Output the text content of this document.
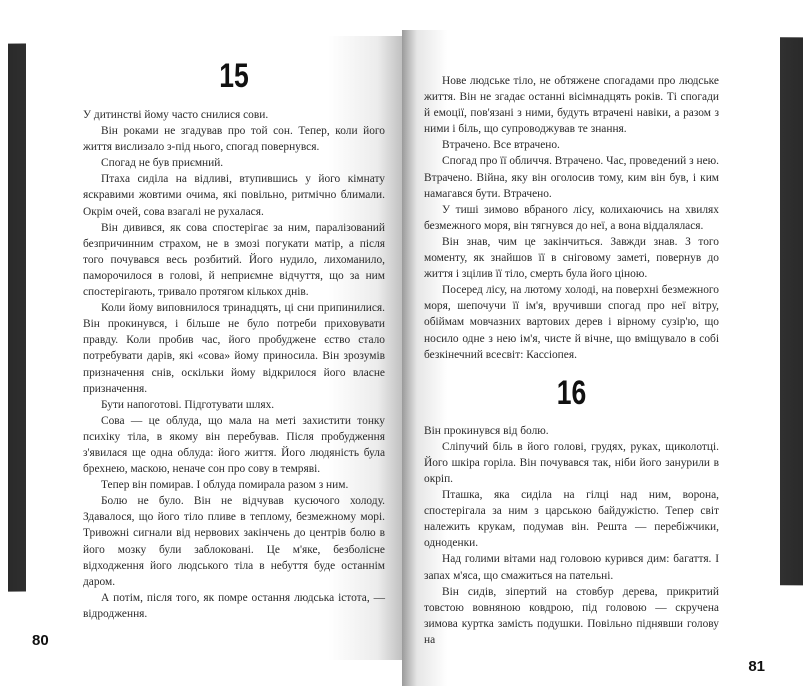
15

У дитинстві йому часто снилися сови.

Він роками не згадував про той сон. Тепер, коли його життя вислизало з-під нього, спогад повернувся.

Спогад не був приємний.

Птаха сиділа на відливі, втупившись у його кімнату яскравими жовтими очима, які повільно, ритмічно блимали. Окрім очей, сова взагалі не рухалася.

Він дивився, як сова спостерігає за ним, паралізований безпричинним страхом, не в змозі погукати матір, а після того почувався весь розбитий. Його нудило, лихоманило, паморочилося в голові, й неприємне відчуття, що за ним спостерігають, тривало протягом кількох днів.

Коли йому виповнилося тринадцять, ці сни припинилися. Він прокинувся, і більше не було потреби приховувати правду. Коли пробив час, його пробуджене єство стало потребувати дарів, які «сова» йому приносила. Він зрозумів призначення снів, оскільки йому відкрилося його власне призначення.

Бути напоготові. Підготувати шлях.

Сова — це облуда, що мала на меті захистити тонку психіку тіла, в якому він перебував. Після пробудження з'явилася ще одна облуда: його життя. Його людяність була брехнею, маскою, неначе сон про сову в темряві.

Тепер він помирав. І облуда помирала разом з ним.

Болю не було. Він не відчував кусючого холоду. Здавалося, що його тіло пливе в теплому, безмежному морі. Тривожні сигнали від нервових закінчень до центрів болю в його мозку були заблоковані. Це м'яке, безболісне відходження його людського тіла в небуття буде останнім даром.

А потім, після того, як помре остання людська істота, — відродження.

80

Нове людське тіло, не обтяжене спогадами про людське життя. Він не згадає останні вісімнадцять років. Ті спогади й емоції, пов'язані з ними, будуть втрачені навіки, а разом з ними і біль, що супроводжував те знання.

Втрачено. Все втрачено.

Спогад про її обличчя. Втрачено. Час, проведений з нею. Втрачено. Війна, яку він оголосив тому, ким він був, і ким намагався бути. Втрачено.

У тиші зимово вбраного лісу, колихаючись на хвилях безмежного моря, він тягнувся до неї, а вона віддалялася.

Він знав, чим це закінчиться. Завжди знав. З того моменту, як знайшов її в сніговому заметі, повернув до життя і зцілив її тіло, смерть була його ціною.

Посеред лісу, на лютому холоді, на поверхні безмежного моря, шепочучи її ім'я, вручивши спогад про неї вітру, обіймам мовчазних вартових дерев і вірному сузір'ю, що носило одне з нею ім'я, чисте й вічне, що вміщувало в собі безкінечний всесвіт: Кассіопея.

16

Він прокинувся від болю.

Сліпучий біль в його голові, грудях, руках, щиколотці. Його шкіра горіла. Він почувався так, ніби його занурили в окріп.

Пташка, яка сиділа на гілці над ним, ворона, спостерігала за ним з царською байдужістю. Тепер світ належить крукам, подумав він. Решта — перебіжчики, одноденки.

Над голими вітами над головою курився дим: багаття. І запах м'яса, що смажиться на пательні.

Він сидів, зіпертий на стовбур дерева, прикритий товстою вовняною ковдрою, під головою — скручена зимова куртка замість подушки. Повільно піднявши голову на

81
